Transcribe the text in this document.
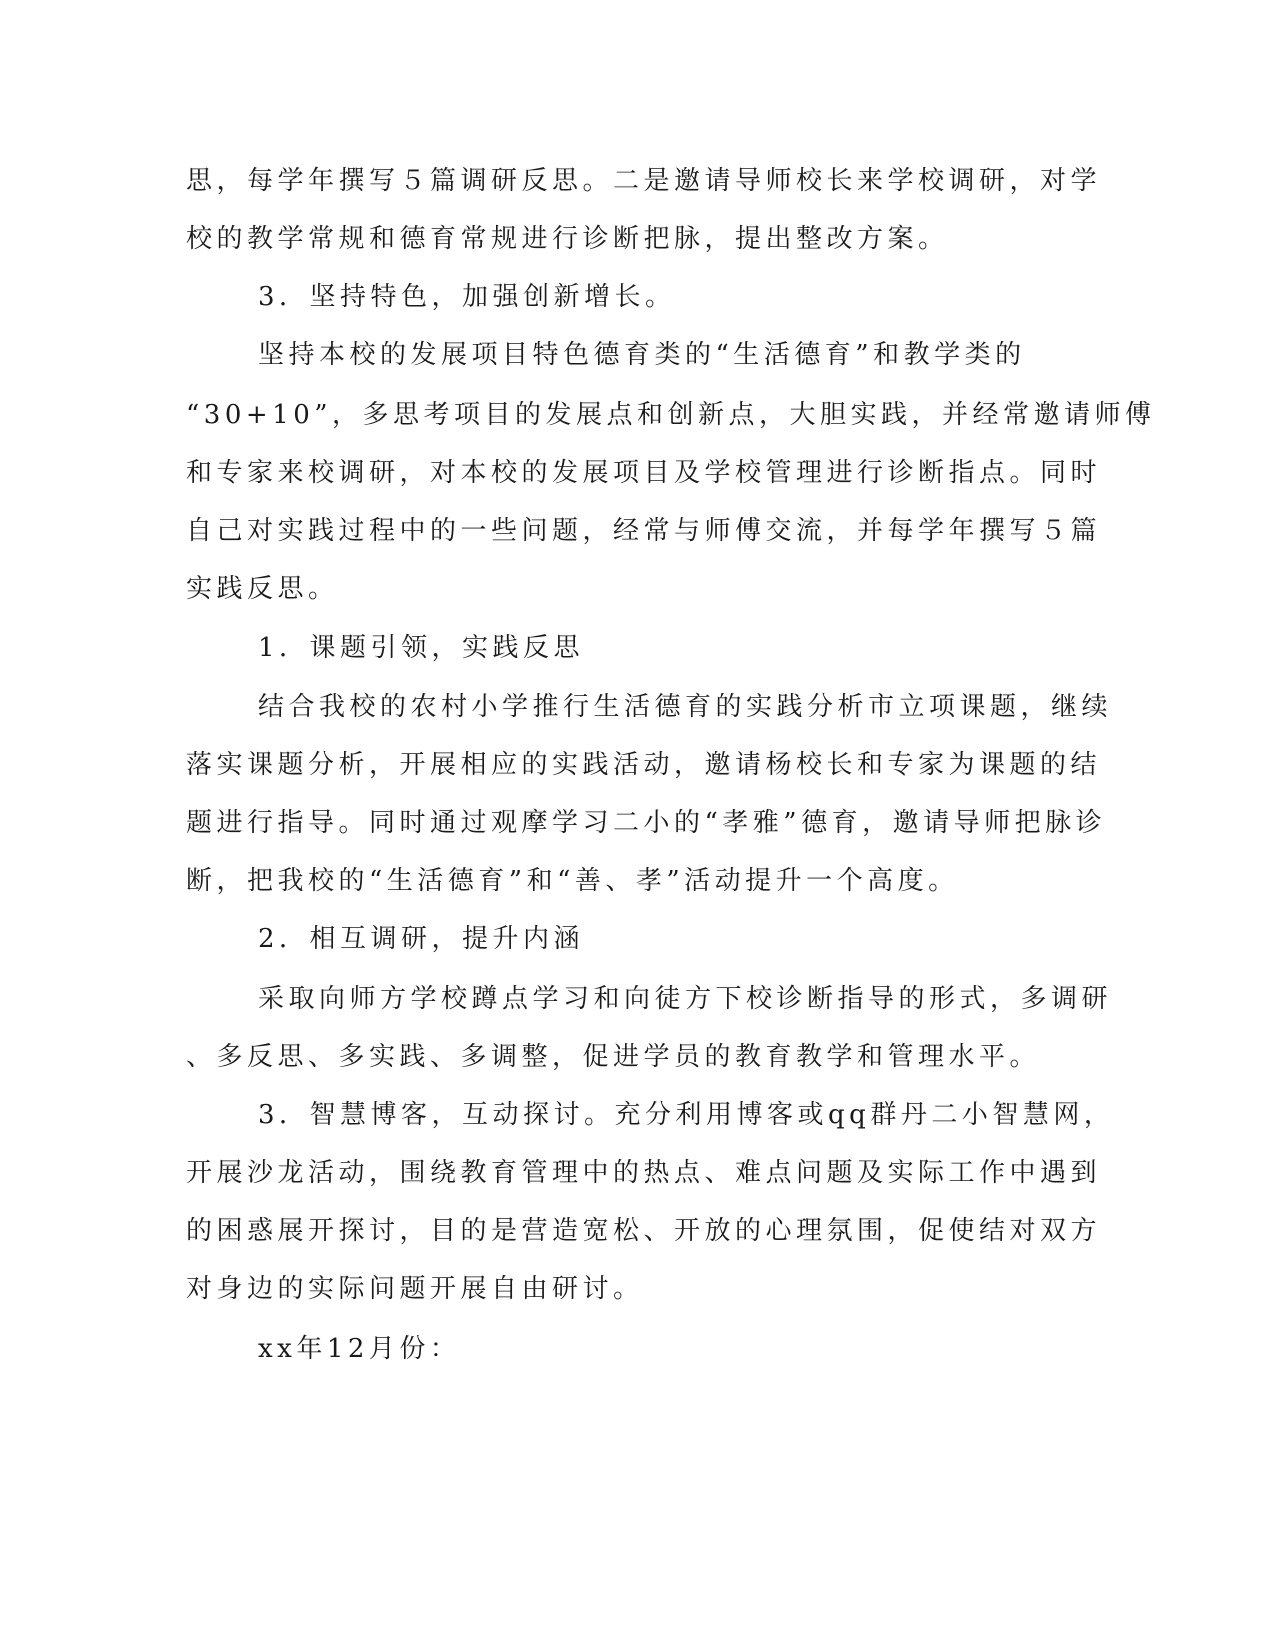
思，每学年撰写５篇调研反思。二是邀请导师校长来学校调研，对学

校的教学常规和德育常规进行诊断把脉，提出整改方案。

3．坚持特色，加强创新增长。

坚持本校的发展项目特色德育类的“生活德育”和教学类的

“30+10”，多思考项目的发展点和创新点，大胆实践，并经常邀请师傅

和专家来校调研，对本校的发展项目及学校管理进行诊断指点。同时

自己对实践过程中的一些问题，经常与师傅交流，并每学年撰写５篇

实践反思。

1．课题引领，实践反思

结合我校的农村小学推行生活德育的实践分析市立项课题，继续

落实课题分析，开展相应的实践活动，邀请杨校长和专家为课题的结

题进行指导。同时通过观摩学习二小的“孝雅”德育，邀请导师把脉诊

断，把我校的“生活德育”和“善、孝”活动提升一个高度。

2．相互调研，提升内涵

采取向师方学校蹲点学习和向徒方下校诊断指导的形式，多调研

、多反思、多实践、多调整，促进学员的教育教学和管理水平。

3．智慧博客，互动探讨。充分利用博客或qq群丹二小智慧网，

开展沙龙活动，围绕教育管理中的热点、难点问题及实际工作中遇到

的困惑展开探讨，目的是营造宽松、开放的心理氛围，促使结对双方

对身边的实际问题开展自由研讨。

xx年12月份：
